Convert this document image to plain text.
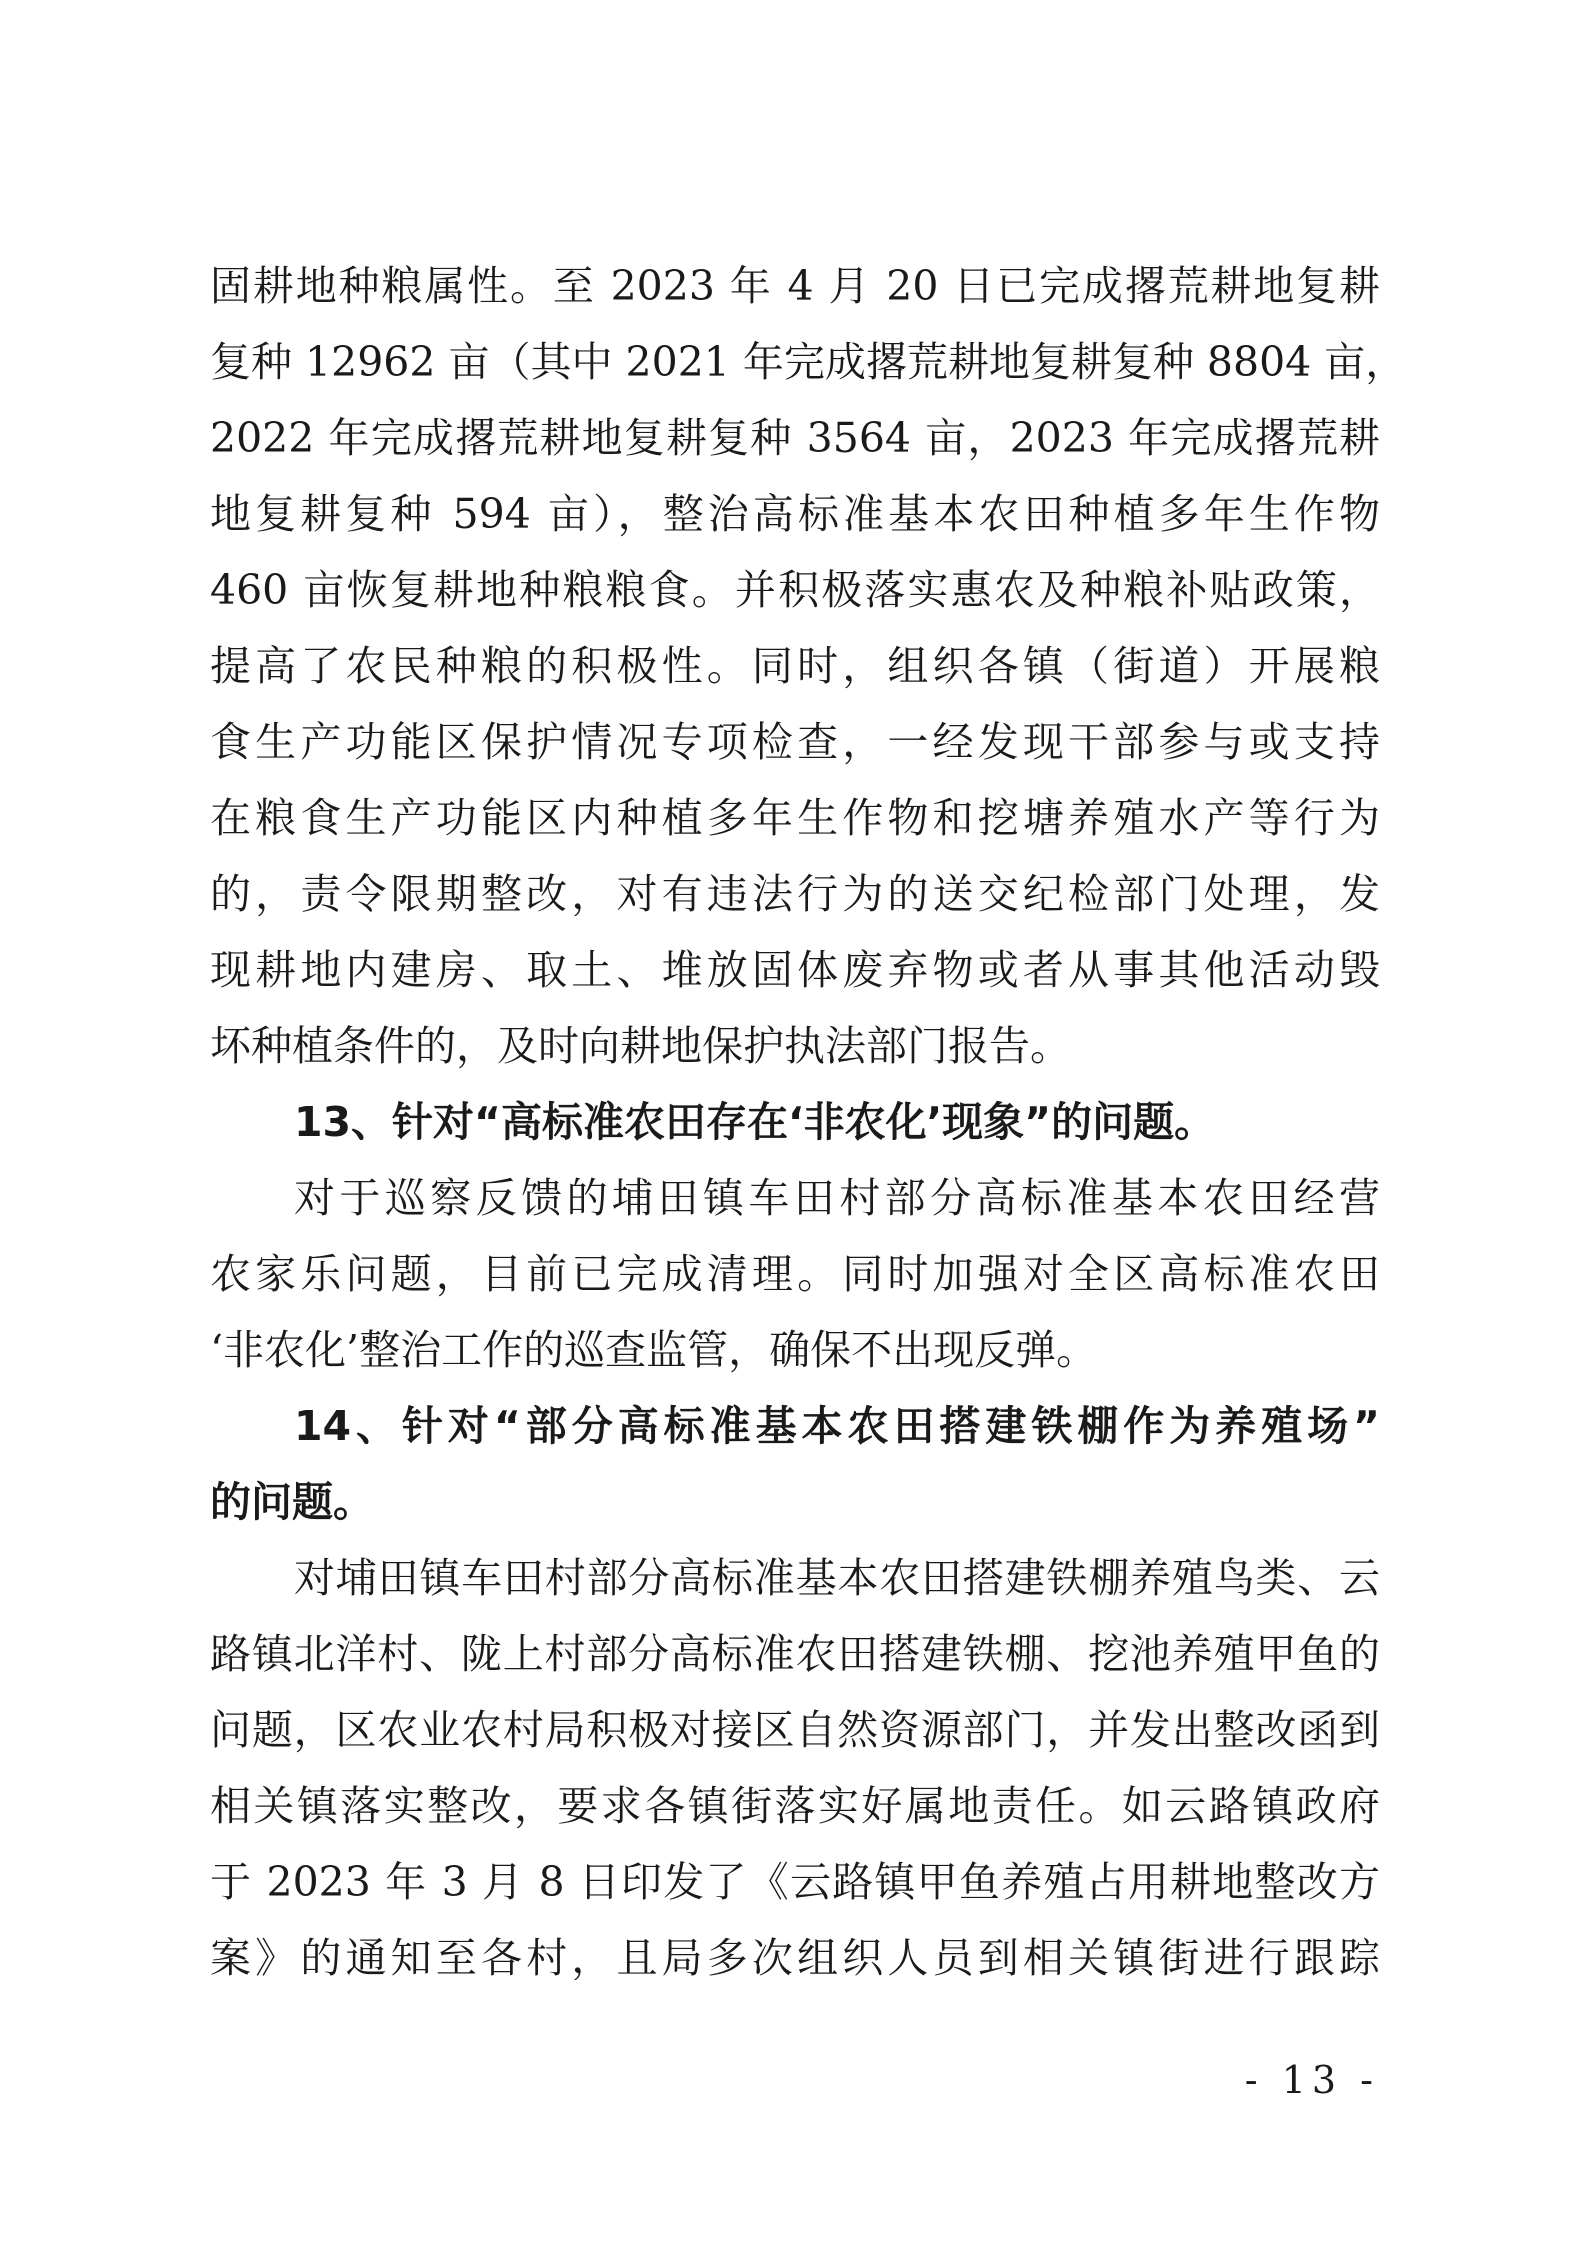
固耕地种粮属性。至 2023 年 4 月 20 日已完成撂荒耕地复耕
复种 12962 亩（其中 2021 年完成撂荒耕地复耕复种 8804 亩，
2022 年完成撂荒耕地复耕复种 3564 亩，2023 年完成撂荒耕
地复耕复种 594 亩），整治高标准基本农田种植多年生作物
460 亩恢复耕地种粮粮食。并积极落实惠农及种粮补贴政策，
提高了农民种粮的积极性。同时，组织各镇（街道）开展粮
食生产功能区保护情况专项检查，一经发现干部参与或支持
在粮食生产功能区内种植多年生作物和挖塘养殖水产等行为
的，责令限期整改，对有违法行为的送交纪检部门处理，发
现耕地内建房、取土、堆放固体废弃物或者从事其他活动毁
坏种植条件的，及时向耕地保护执法部门报告。
13、针对“高标准农田存在‘非农化’现象”的问题。
对于巡察反馈的埔田镇车田村部分高标准基本农田经营
农家乐问题，目前已完成清理。同时加强对全区高标准农田
‘非农化’整治工作的巡查监管，确保不出现反弹。
14、针对“部分高标准基本农田搭建铁棚作为养殖场”
的问题。
对埔田镇车田村部分高标准基本农田搭建铁棚养殖鸟类、云
路镇北洋村、陇上村部分高标准农田搭建铁棚、挖池养殖甲鱼的
问题，区农业农村局积极对接区自然资源部门，并发出整改函到
相关镇落实整改，要求各镇街落实好属地责任。如云路镇政府
于 2023 年 3 月 8 日印发了《云路镇甲鱼养殖占用耕地整改方
案》的通知至各村，且局多次组织人员到相关镇街进行跟踪
- 13 -
